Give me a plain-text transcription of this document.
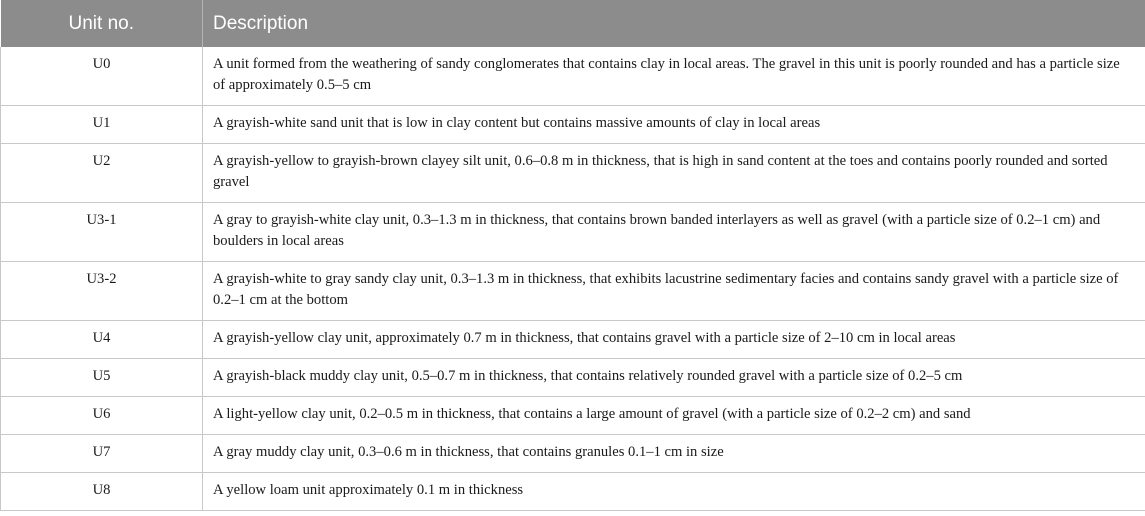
Unit no.	Description
U0	A unit formed from the weathering of sandy conglomerates that contains clay in local areas. The gravel in this unit is poorly rounded and has a particle size of approximately 0.5–5 cm
U1	A grayish-white sand unit that is low in clay content but contains massive amounts of clay in local areas
U2	A grayish-yellow to grayish-brown clayey silt unit, 0.6–0.8 m in thickness, that is high in sand content at the toes and contains poorly rounded and sorted gravel
U3-1	A gray to grayish-white clay unit, 0.3–1.3 m in thickness, that contains brown banded interlayers as well as gravel (with a particle size of 0.2–1 cm) and boulders in local areas
U3-2	A grayish-white to gray sandy clay unit, 0.3–1.3 m in thickness, that exhibits lacustrine sedimentary facies and contains sandy gravel with a particle size of 0.2–1 cm at the bottom
U4	A grayish-yellow clay unit, approximately 0.7 m in thickness, that contains gravel with a particle size of 2–10 cm in local areas
U5	A grayish-black muddy clay unit, 0.5–0.7 m in thickness, that contains relatively rounded gravel with a particle size of 0.2–5 cm
U6	A light-yellow clay unit, 0.2–0.5 m in thickness, that contains a large amount of gravel (with a particle size of 0.2–2 cm) and sand
U7	A gray muddy clay unit, 0.3–0.6 m in thickness, that contains granules 0.1–1 cm in size
U8	A yellow loam unit approximately 0.1 m in thickness
